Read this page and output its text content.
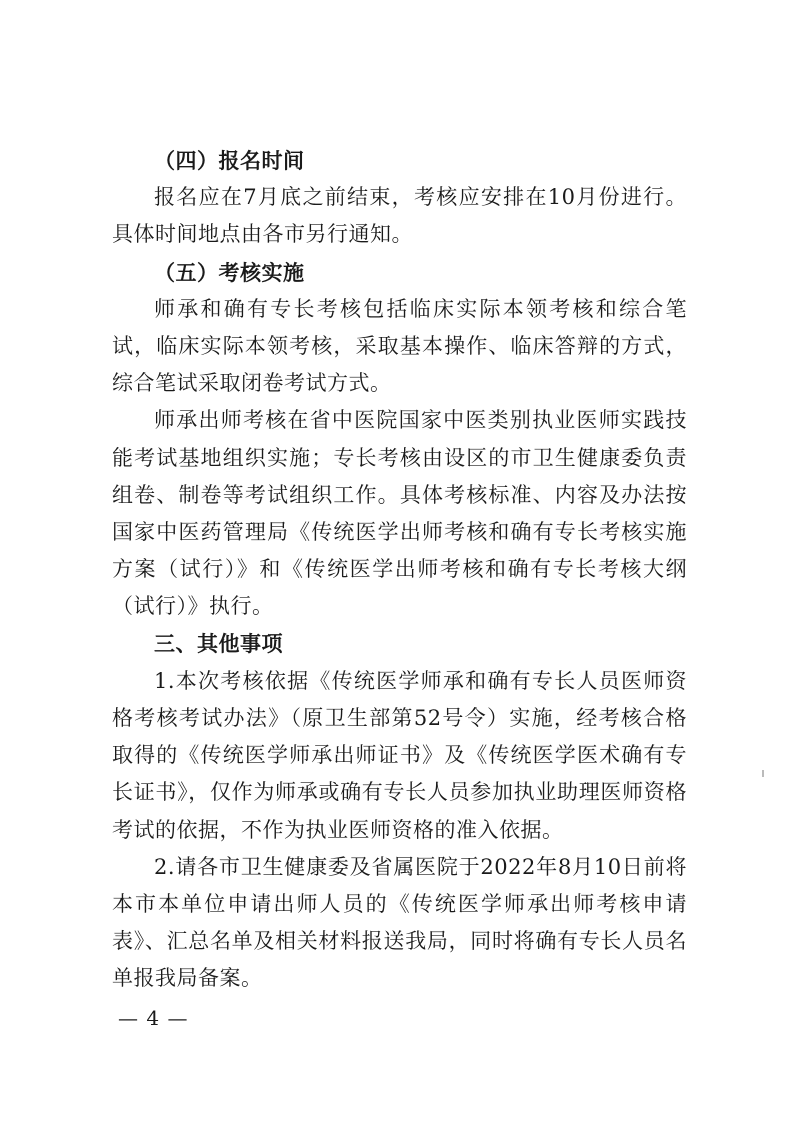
（四）报名时间

报名应在7月底之前结束，考核应安排在10月份进行。具体时间地点由各市另行通知。

（五）考核实施

师承和确有专长考核包括临床实际本领考核和综合笔试，临床实际本领考核，采取基本操作、临床答辩的方式，综合笔试采取闭卷考试方式。

师承出师考核在省中医院国家中医类别执业医师实践技能考试基地组织实施；专长考核由设区的市卫生健康委负责组卷、制卷等考试组织工作。具体考核标准、内容及办法按国家中医药管理局《传统医学出师考核和确有专长考核实施方案（试行）》和《传统医学出师考核和确有专长考核大纲（试行）》执行。

三、其他事项

1.本次考核依据《传统医学师承和确有专长人员医师资格考核考试办法》（原卫生部第52号令）实施，经考核合格取得的《传统医学师承出师证书》及《传统医学医术确有专长证书》，仅作为师承或确有专长人员参加执业助理医师资格考试的依据，不作为执业医师资格的准入依据。

2.请各市卫生健康委及省属医院于2022年8月10日前将本市本单位申请出师人员的《传统医学师承出师考核申请表》、汇总名单及相关材料报送我局，同时将确有专长人员名单报我局备案。

— 4 —
